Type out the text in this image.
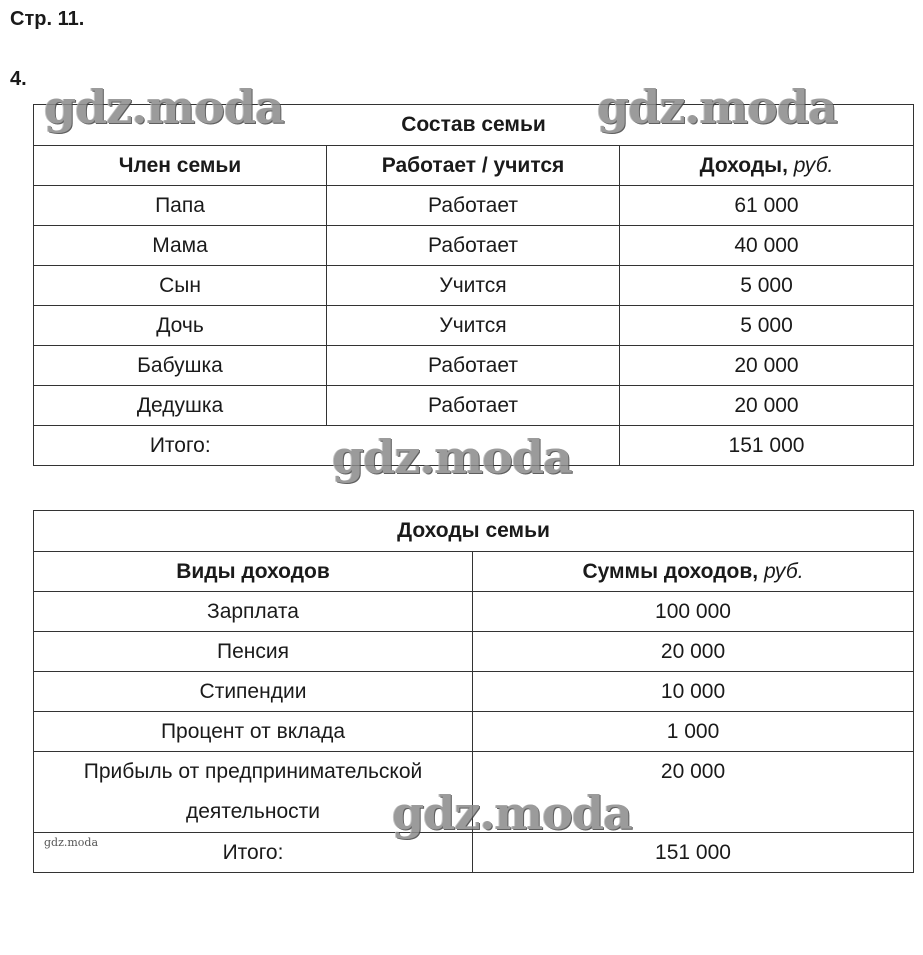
Стр. 11.
4.
Состав семьи		
Член семьи	Работает / учится	Доходы, руб.
Папа	Работает	61 000
Мама	Работает	40 000
Сын	Учится	5 000
Дочь	Учится	5 000
Бабушка	Работает	20 000
Дедушка	Работает	20 000
Итого:		151 000
Доходы семьи	
Виды доходов	Суммы доходов, руб.
Зарплата	100 000
Пенсия	20 000
Стипендии	10 000
Процент от вклада	1 000

Прибыль от предпринимательской
деятельности	20 000
Итого:	151 000
gdz.moda	gdz.moda
gdz.moda
gdz.moda
gdz.moda
